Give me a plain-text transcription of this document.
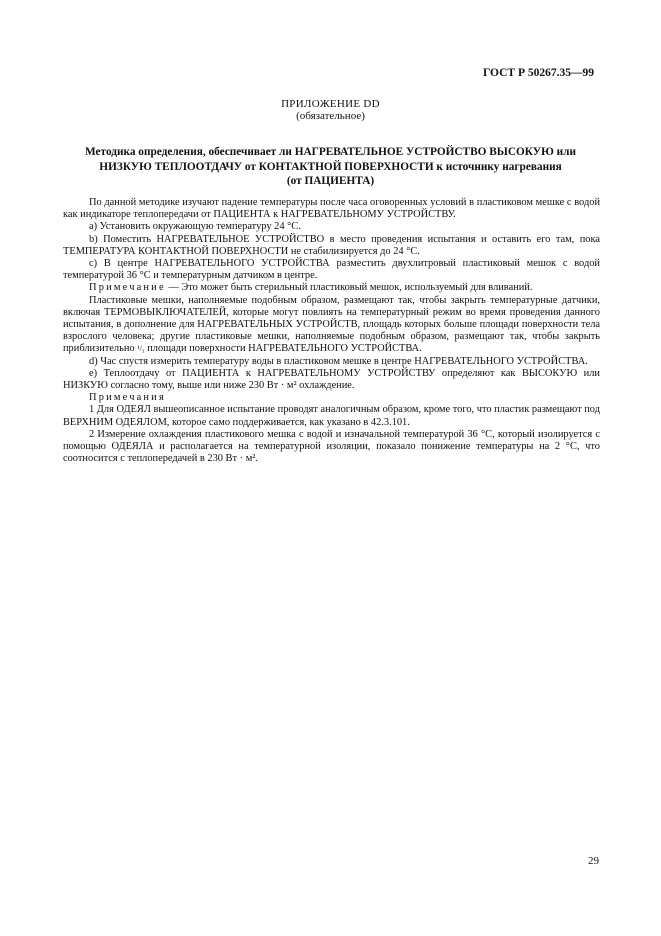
ГОСТ Р 50267.35—99
ПРИЛОЖЕНИЕ DD
(обязательное)
Методика определения, обеспечивает ли НАГРЕВАТЕЛЬНОЕ УСТРОЙСТВО ВЫСОКУЮ или
НИЗКУЮ ТЕПЛООТДАЧУ от КОНТАКТНОЙ ПОВЕРХНОСТИ к источнику нагревания
(от ПАЦИЕНТА)

По данной методике изучают падение температуры после часа оговоренных условий в пластиковом мешке с водой как индикаторе теплопередачи от ПАЦИЕНТА к НАГРЕВАТЕЛЬНОМУ УСТРОЙСТВУ.

а) Установить окружающую температуру 24 °С.

b) Поместить НАГРЕВАТЕЛЬНОЕ УСТРОЙСТВО в место проведения испытания и оставить его там, пока ТЕМПЕРАТУРА КОНТАКТНОЙ ПОВЕРХНОСТИ не стабилизируется до 24 °С.

с) В центре НАГРЕВАТЕЛЬНОГО УСТРОЙСТВА разместить двухлитровый пластиковый мешок с водой температурой 36 °С и температурным датчиком в центре.

Примечание — Это может быть стерильный пластиковый мешок, используемый для вливаний.

Пластиковые мешки, наполняемые подобным образом, размещают так, чтобы закрыть температурные датчики, включая ТЕРМОВЫКЛЮЧАТЕЛЕЙ, которые могут повлиять на температурный режим во время проведения данного испытания, в дополнение для НАГРЕВАТЕЛЬНЫХ УСТРОЙСТВ, площадь которых больше площади поверхности тела взрослого человека; другие пластиковые мешки, наполняемые подобным образом, размещают так, чтобы закрыть приблизительно ¹/₃ площади поверхности НАГРЕВАТЕЛЬНОГО УСТРОЙСТВА.

d) Час спустя измерить температуру воды в пластиковом мешке в центре НАГРЕВАТЕЛЬНОГО УСТРОЙСТВА.

е) Теплоотдачу от ПАЦИЕНТА к НАГРЕВАТЕЛЬНОМУ УСТРОЙСТВУ определяют как ВЫСОКУЮ или НИЗКУЮ согласно тому, выше или ниже 230 Вт · м² охлаждение.

Примечания

1 Для ОДЕЯЛ вышеописанное испытание проводят аналогичным образом, кроме того, что пластик размещают под ВЕРХНИМ ОДЕЯЛОМ, которое само поддерживается, как указано в 42.3.101.

2 Измерение охлаждения пластикового мешка с водой и изначальной температурой 36 °С, который изолируется с помощью ОДЕЯЛА и располагается на температурной изоляции, показало понижение температуры на 2 °С, что соотносится с теплопередачей в 230 Вт · м².

29
